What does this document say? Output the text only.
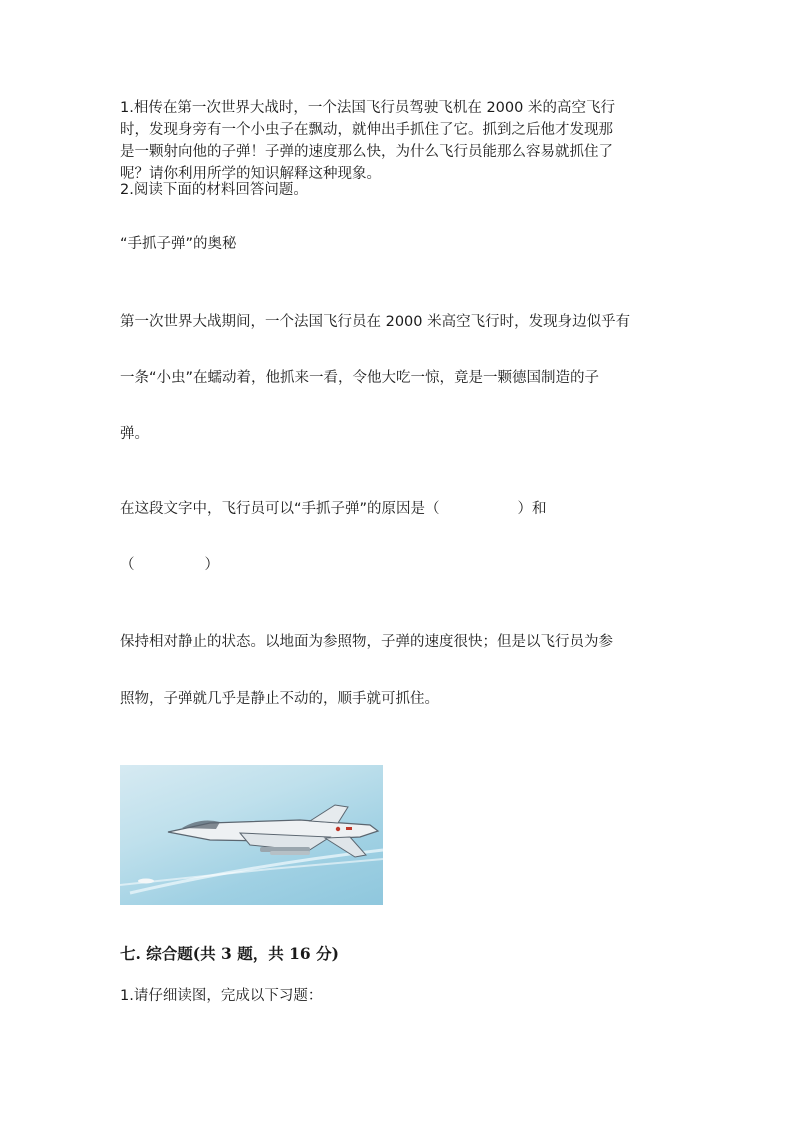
1.相传在第一次世界大战时，一个法国飞行员驾驶飞机在 2000 米的高空飞行
时，发现身旁有一个小虫子在飘动，就伸出手抓住了它。抓到之后他才发现那
是一颗射向他的子弹！子弹的速度那么快，为什么飞行员能那么容易就抓住了
呢？请你利用所学的知识解释这种现象。

2.阅读下面的材料回答问题。

“手抓子弹”的奥秘

第一次世界大战期间，一个法国飞行员在 2000 米高空飞行时，发现身边似乎有

一条“小虫”在蠕动着，他抓来一看，令他大吃一惊，竟是一颗德国制造的子

弹。

在这段文字中，飞行员可以“手抓子弹”的原因是（	）和

（	）

保持相对静止的状态。以地面为参照物，子弹的速度很快；但是以飞行员为参

照物，子弹就几乎是静止不动的，顺手就可抓住。

七. 综合题(共 3 题，共 16 分)

1.请仔细读图，完成以下习题：
